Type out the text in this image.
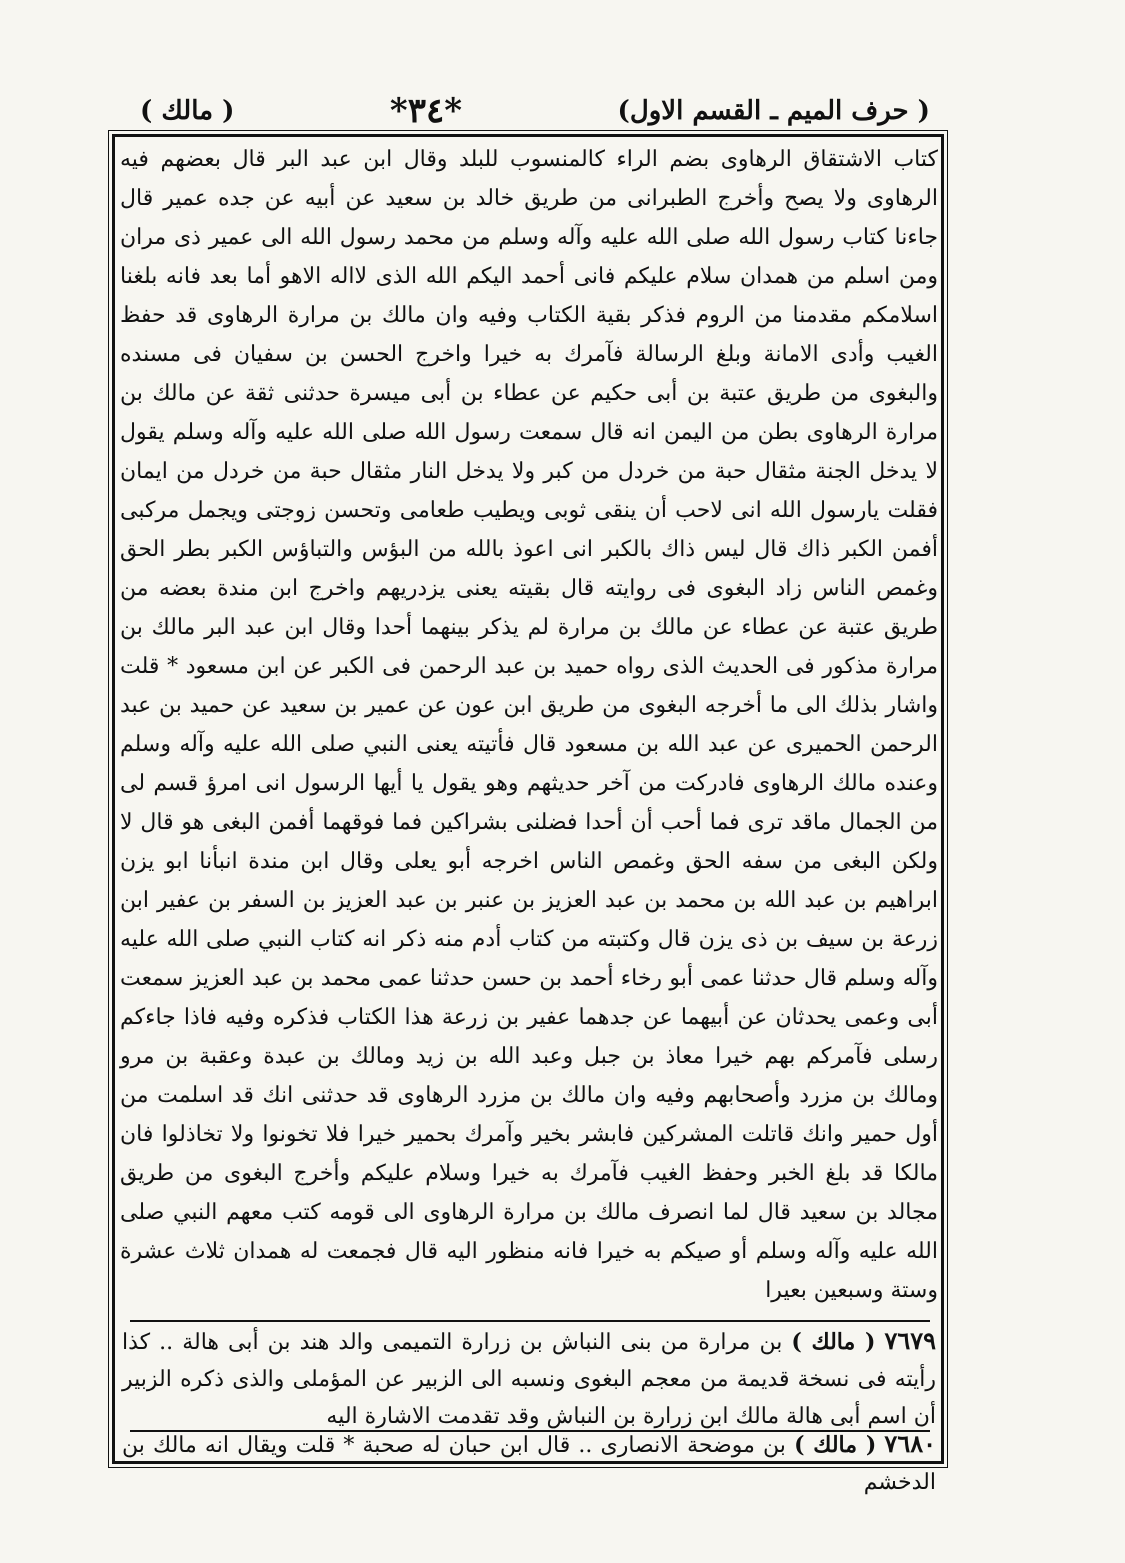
( حرف الميم ـ القسم الاول)
*٣٤*
( مالك )

كتاب الاشتقاق الرهاوى بضم الراء كالمنسوب للبلد وقال ابن عبد البر قال بعضهم فيه الرهاوى ولا يصح وأخرج الطبرانى من طريق خالد بن سعيد عن أبيه عن جده عمير قال جاءنا كتاب رسول الله صلى الله عليه وآله وسلم من محمد رسول الله الى عمير ذى مران ومن اسلم من همدان سلام عليكم فانى أحمد اليكم الله الذى لااله الاهو أما بعد فانه بلغنا اسلامكم مقدمنا من الروم فذكر بقية الكتاب وفيه وان مالك بن مرارة الرهاوى قد حفظ الغيب وأدى الامانة وبلغ الرسالة فآمرك به خيرا واخرج الحسن بن سفيان فى مسنده والبغوى من طريق عتبة بن أبى حكيم عن عطاء بن أبى ميسرة حدثنى ثقة عن مالك بن مرارة الرهاوى بطن من اليمن انه قال سمعت رسول الله صلى الله عليه وآله وسلم يقول لا يدخل الجنة مثقال حبة من خردل من كبر ولا يدخل النار مثقال حبة من خردل من ايمان فقلت يارسول الله انى لاحب أن ينقى ثوبى ويطيب طعامى وتحسن زوجتى ويجمل مركبى أفمن الكبر ذاك قال ليس ذاك بالكبر انى اعوذ بالله من البؤس والتباؤس الكبر بطر الحق وغمص الناس زاد البغوى فى روايته قال بقيته يعنى يزدريهم واخرج ابن مندة بعضه من طريق عتبة عن عطاء عن مالك بن مرارة لم يذكر بينهما أحدا وقال ابن عبد البر مالك بن مرارة مذكور فى الحديث الذى رواه حميد بن عبد الرحمن فى الكبر عن ابن مسعود * قلت واشار بذلك الى ما أخرجه البغوى من طريق ابن عون عن عمير بن سعيد عن حميد بن عبد الرحمن الحميرى عن عبد الله بن مسعود قال فأتيته يعنى النبي صلى الله عليه وآله وسلم وعنده مالك الرهاوى فادركت من آخر حديثهم وهو يقول يا أيها الرسول انى امرؤ قسم لى من الجمال ماقد ترى فما أحب أن أحدا فضلنى بشراكين فما فوقهما أفمن البغى هو قال لا ولكن البغى من سفه الحق وغمص الناس اخرجه أبو يعلى وقال ابن مندة انبأنا ابو يزن ابراهيم بن عبد الله بن محمد بن عبد العزيز بن عنبر بن عبد العزيز بن السفر بن عفير ابن زرعة بن سيف بن ذى يزن قال وكتبته من كتاب أدم منه ذكر انه كتاب النبي صلى الله عليه وآله وسلم قال حدثنا عمى أبو رخاء أحمد بن حسن حدثنا عمى محمد بن عبد العزيز سمعت أبى وعمى يحدثان عن أبيهما عن جدهما عفير بن زرعة هذا الكتاب فذكره وفيه فاذا جاءكم رسلى فآمركم بهم خيرا معاذ بن جبل وعبد الله بن زيد ومالك بن عبدة وعقبة بن مرو ومالك بن مزرد وأصحابهم وفيه وان مالك بن مزرد الرهاوى قد حدثنى انك قد اسلمت من أول حمير وانك قاتلت المشركين فابشر بخير وآمرك بحمير خيرا فلا تخونوا ولا تخاذلوا فان مالكا قد بلغ الخبر وحفظ الغيب فآمرك به خيرا وسلام عليكم وأخرج البغوى من طريق مجالد بن سعيد قال لما انصرف مالك بن مرارة الرهاوى الى قومه كتب معهم النبي صلى الله عليه وآله وسلم أو صيكم به خيرا فانه منظور اليه قال فجمعت له همدان ثلاث عشرة وستة وسبعين بعيرا

٧٦٧٩ ( مالك ) بن مرارة من بنى النباش بن زرارة التميمى والد هند بن أبى هالة .. كذا رأيته فى نسخة قديمة من معجم البغوى ونسبه الى الزبير عن المؤملى والذى ذكره الزبير أن اسم أبى هالة مالك ابن زرارة بن النباش وقد تقدمت الاشارة اليه

٧٦٨٠ ( مالك ) بن موضحة الانصارى .. قال ابن حبان له صحبة * قلت ويقال انه مالك بن الدخشم
